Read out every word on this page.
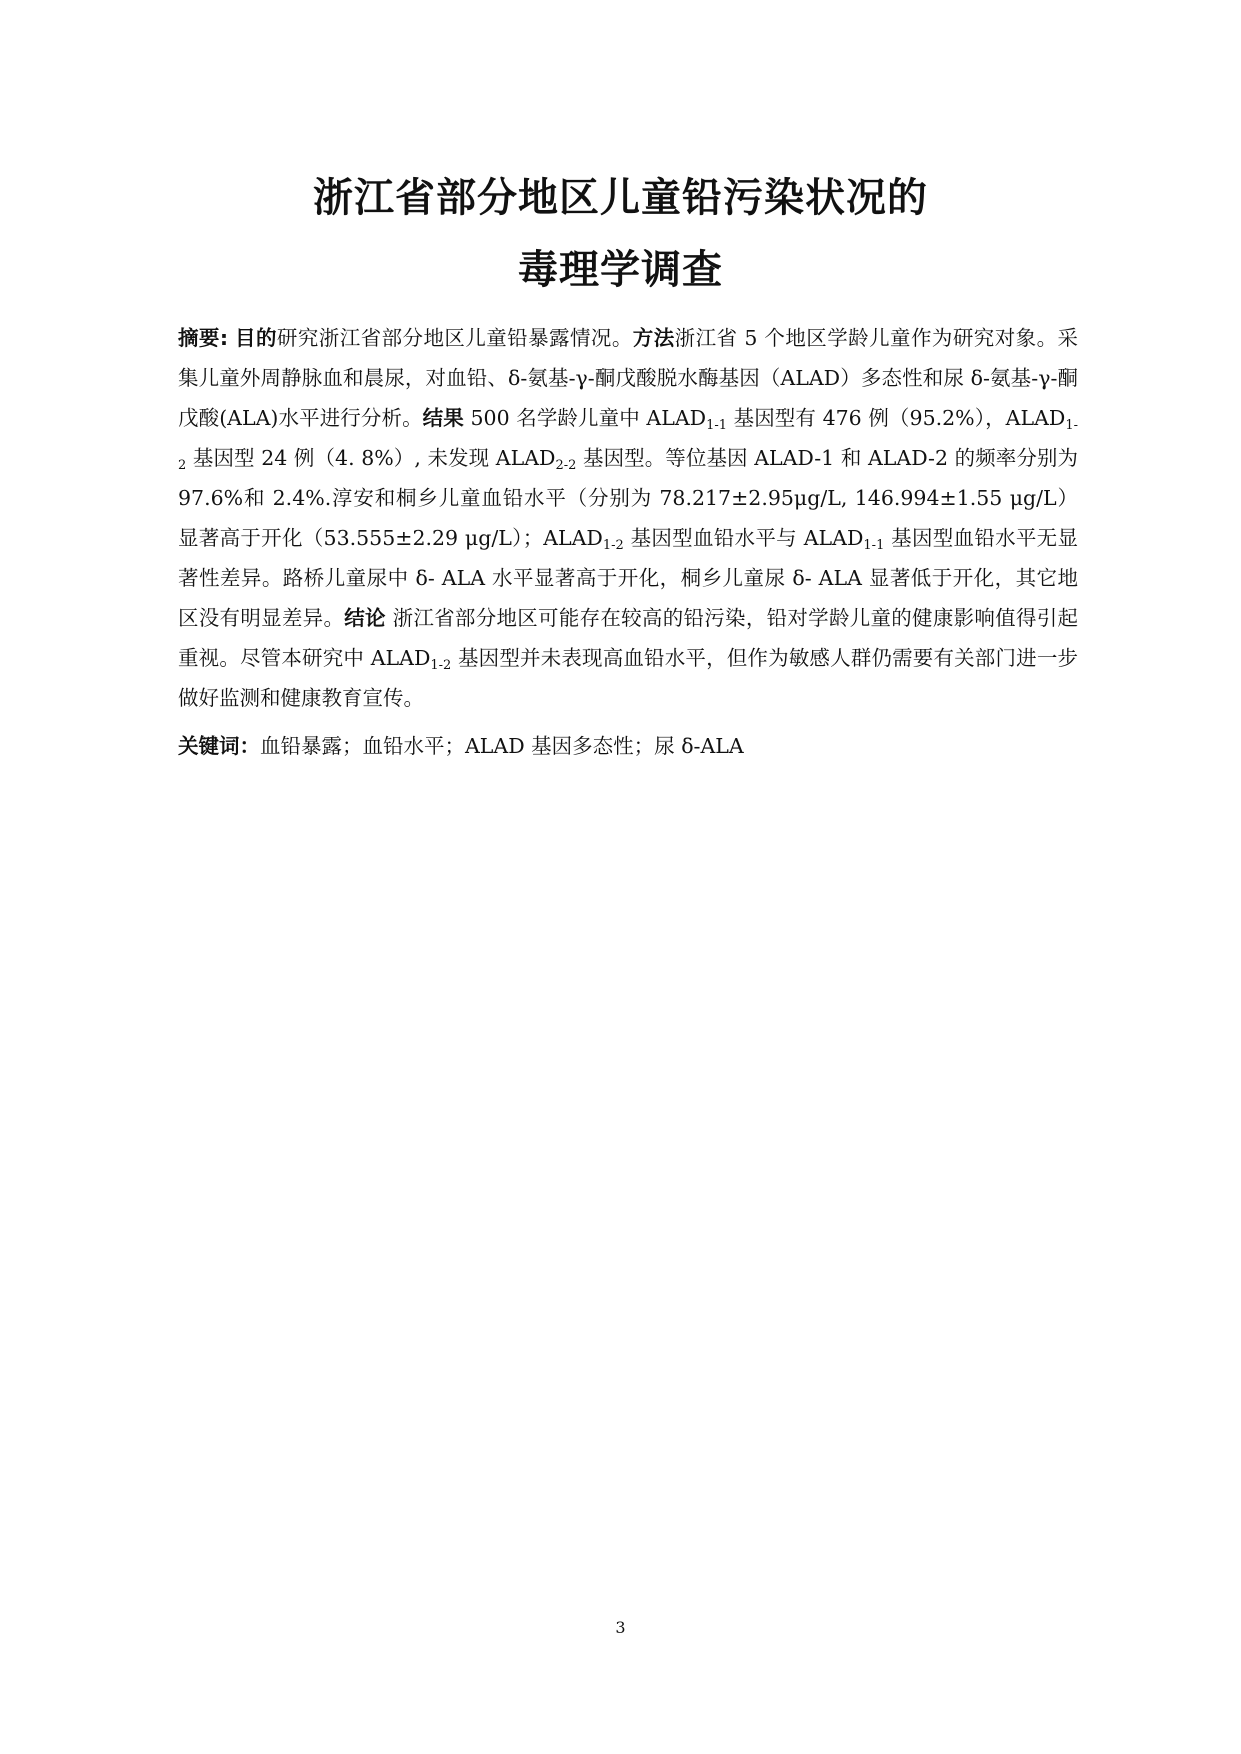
浙江省部分地区儿童铅污染状况的
毒理学调查

摘要: 目的研究浙江省部分地区儿童铅暴露情况。方法浙江省 5 个地区学龄儿童作为研究对象。采集儿童外周静脉血和晨尿，对血铅、δ-氨基-γ-酮戊酸脱水酶基因（ALAD）多态性和尿 δ-氨基-γ-酮戊酸(ALA)水平进行分析。结果 500 名学龄儿童中 $ALAD_{1-1}$ 基因型有 476 例（95.2%），$ALAD_{1-2}$ 基因型 24 例（4. 8%）, 未发现 $ALAD_{2-2}$ 基因型。等位基因 ALAD-1 和 ALAD-2 的频率分别为 97.6%和 2.4%.淳安和桐乡儿童血铅水平（分别为 78.217±2.95μg/L, 146.994±1.55 μg/L）显著高于开化（53.555±2.29 μg/L）；$ALAD_{1-2}$ 基因型血铅水平与 $ALAD_{1-1}$ 基因型血铅水平无显著性差异。路桥儿童尿中 δ- ALA 水平显著高于开化，桐乡儿童尿 δ- ALA 显著低于开化，其它地区没有明显差异。结论 浙江省部分地区可能存在较高的铅污染，铅对学龄儿童的健康影响值得引起重视。尽管本研究中 $ALAD_{1-2}$ 基因型并未表现高血铅水平，但作为敏感人群仍需要有关部门进一步做好监测和健康教育宣传。

关键词：血铅暴露；血铅水平；ALAD 基因多态性；尿 δ-ALA

3
